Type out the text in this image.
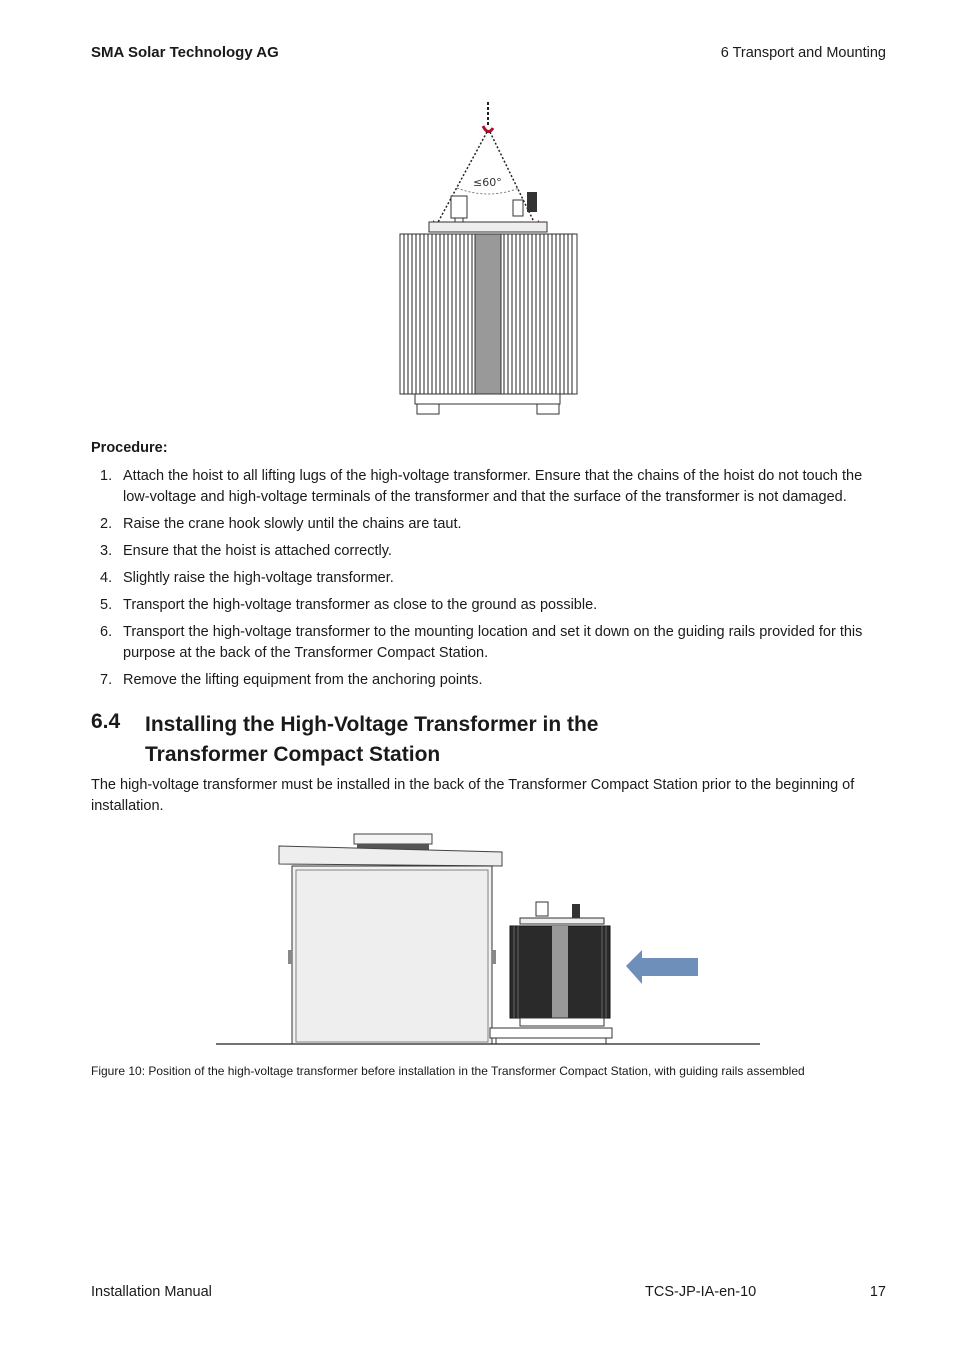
SMA Solar Technology AG	6 Transport and Mounting
≤60°
Procedure:
1. Attach the hoist to all lifting lugs of the high-voltage transformer. Ensure that the chains of the hoist do not touch the low-voltage and high-voltage terminals of the transformer and that the surface of the transformer is not damaged.
2. Raise the crane hook slowly until the chains are taut.
3. Ensure that the hoist is attached correctly.
4. Slightly raise the high-voltage transformer.
5. Transport the high-voltage transformer as close to the ground as possible.
6. Transport the high-voltage transformer to the mounting location and set it down on the guiding rails provided for this purpose at the back of the Transformer Compact Station.
7. Remove the lifting equipment from the anchoring points.
6.4 Installing the High-Voltage Transformer in the Transformer Compact Station
The high-voltage transformer must be installed in the back of the Transformer Compact Station prior to the beginning of installation.
Figure 10: Position of the high-voltage transformer before installation in the Transformer Compact Station, with guiding rails assembled
Installation Manual	TCS-JP-IA-en-10	17
